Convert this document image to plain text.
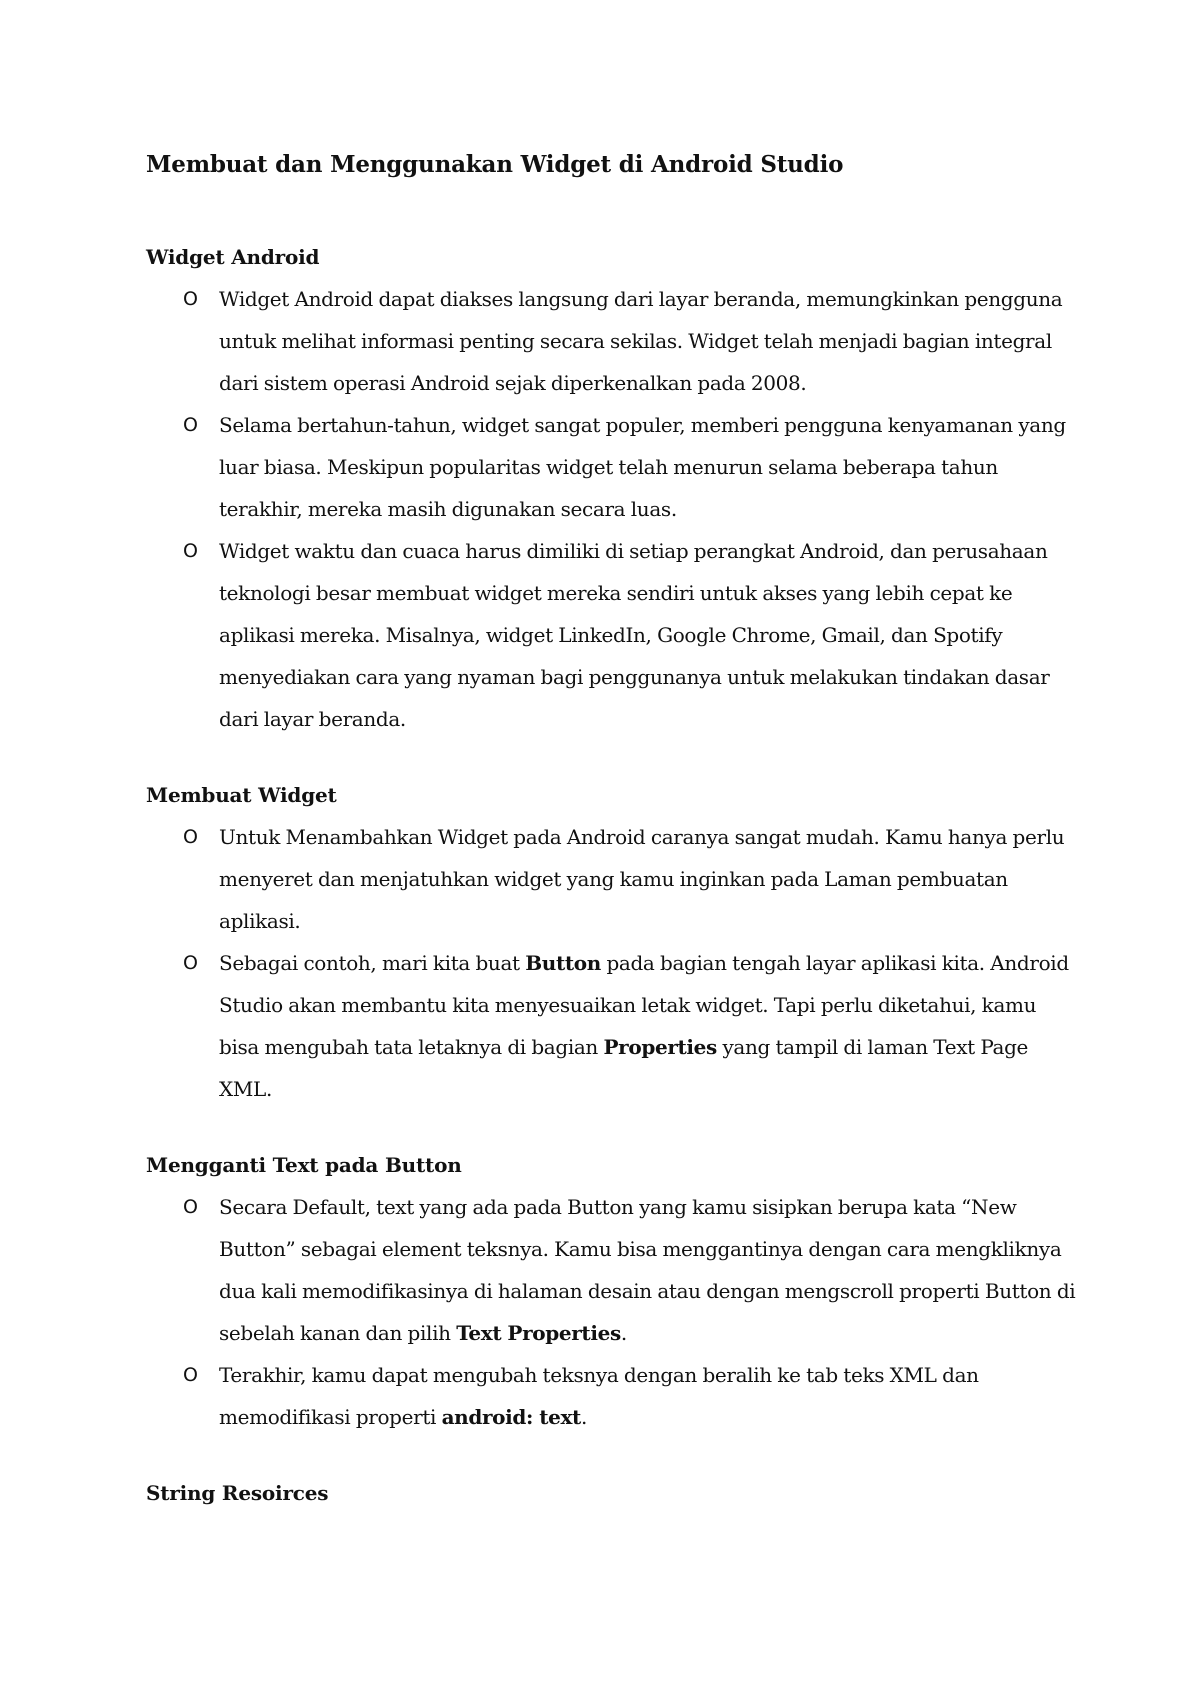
Membuat dan Menggunakan Widget di Android Studio
Widget Android
O Widget Android dapat diakses langsung dari layar beranda, memungkinkan pengguna untuk melihat informasi penting secara sekilas. Widget telah menjadi bagian integral dari sistem operasi Android sejak diperkenalkan pada 2008.
O Selama bertahun-tahun, widget sangat populer, memberi pengguna kenyamanan yang luar biasa. Meskipun popularitas widget telah menurun selama beberapa tahun terakhir, mereka masih digunakan secara luas.
O Widget waktu dan cuaca harus dimiliki di setiap perangkat Android, dan perusahaan teknologi besar membuat widget mereka sendiri untuk akses yang lebih cepat ke aplikasi mereka. Misalnya, widget LinkedIn, Google Chrome, Gmail, dan Spotify menyediakan cara yang nyaman bagi penggunanya untuk melakukan tindakan dasar dari layar beranda.
Membuat Widget
O Untuk Menambahkan Widget pada Android caranya sangat mudah. Kamu hanya perlu menyeret dan menjatuhkan widget yang kamu inginkan pada Laman pembuatan aplikasi.
O Sebagai contoh, mari kita buat Button pada bagian tengah layar aplikasi kita. Android Studio akan membantu kita menyesuaikan letak widget. Tapi perlu diketahui, kamu bisa mengubah tata letaknya di bagian Properties yang tampil di laman Text Page XML.
Mengganti Text pada Button
O Secara Default, text yang ada pada Button yang kamu sisipkan berupa kata “New Button” sebagai element teksnya. Kamu bisa menggantinya dengan cara mengkliknya dua kali memodifikasinya di halaman desain atau dengan mengscroll properti Button di sebelah kanan dan pilih Text Properties.
O Terakhir, kamu dapat mengubah teksnya dengan beralih ke tab teks XML dan memodifikasi properti android: text.
String Resoirces
